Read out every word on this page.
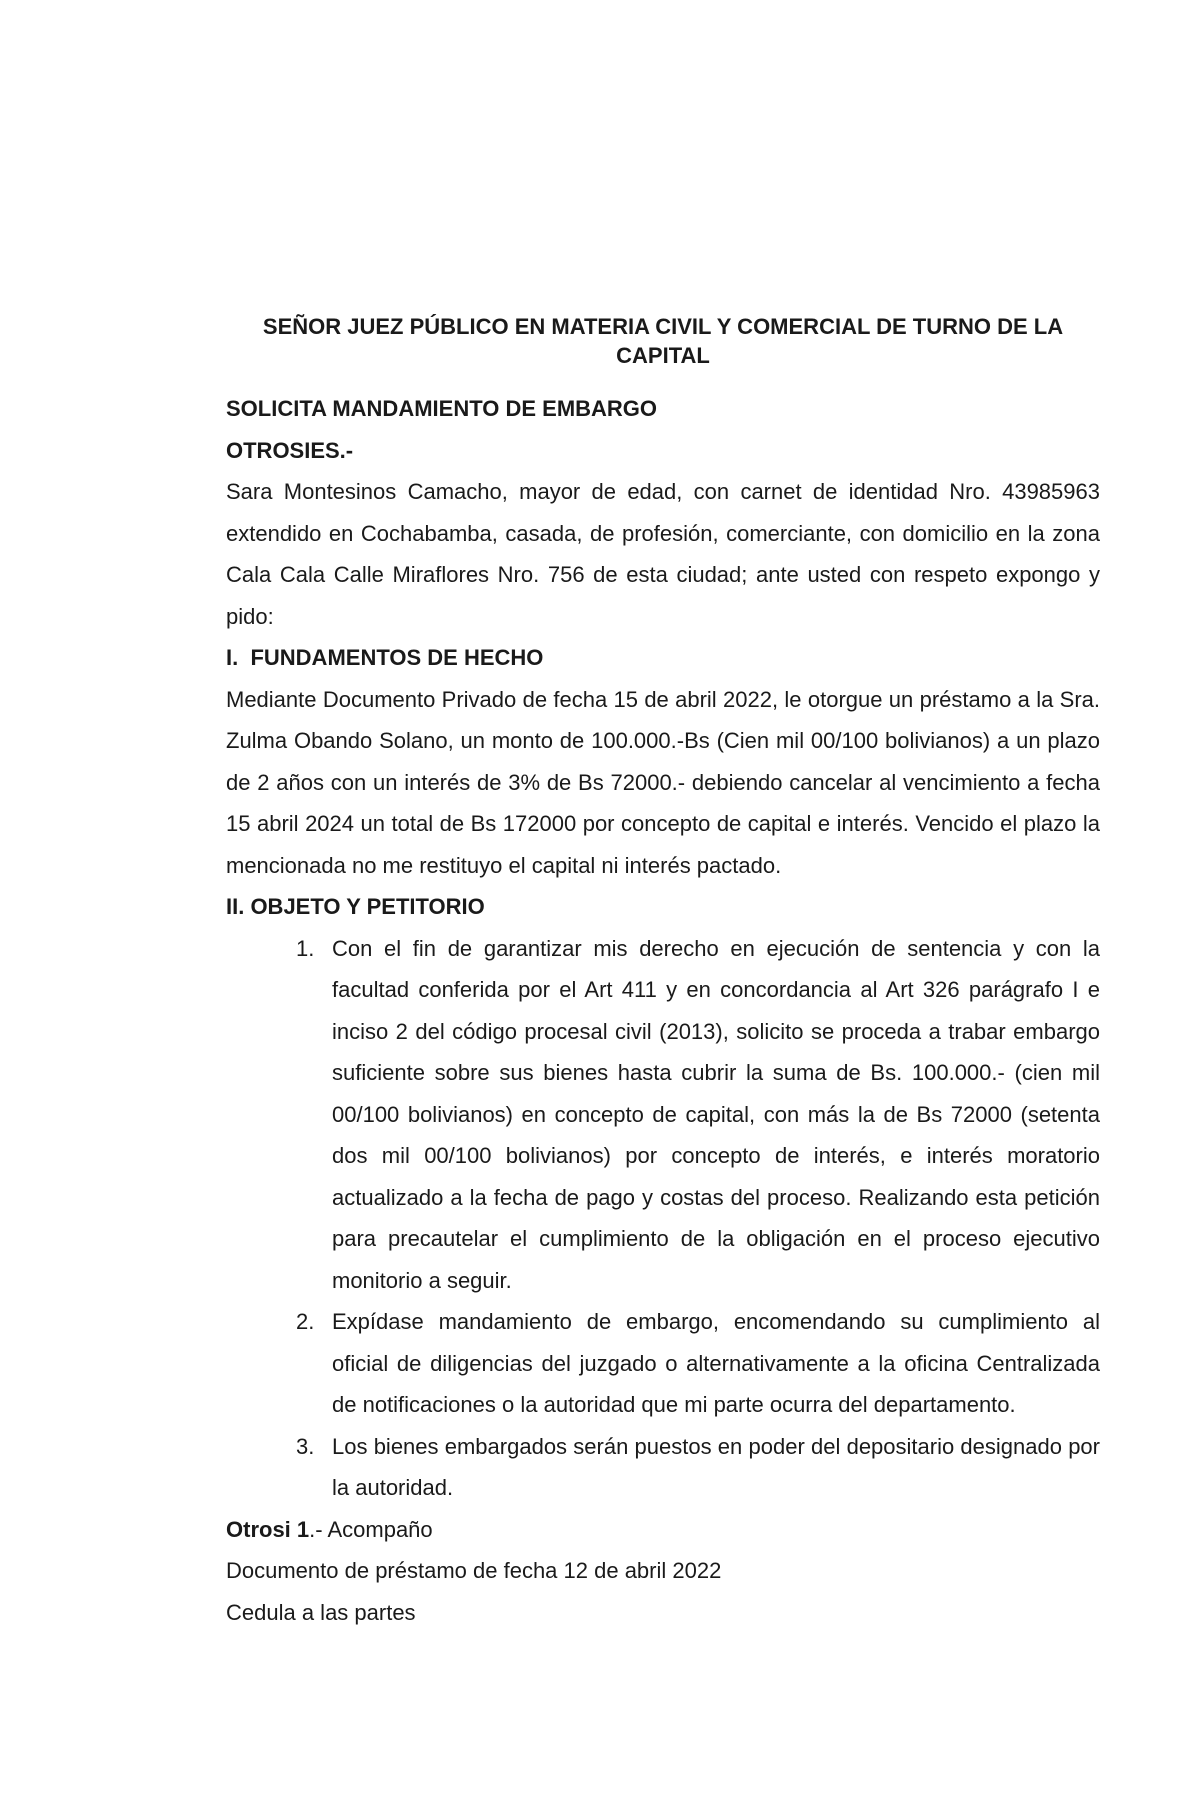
SEÑOR JUEZ PÚBLICO EN MATERIA CIVIL Y COMERCIAL DE TURNO DE LA CAPITAL

SOLICITA MANDAMIENTO DE EMBARGO

OTROSIES.-

Sara Montesinos Camacho, mayor de edad, con carnet de identidad Nro. 43985963 extendido en Cochabamba, casada, de profesión, comerciante, con domicilio en la zona Cala Cala Calle Miraflores Nro. 756 de esta ciudad; ante usted con respeto expongo y pido:

I.  FUNDAMENTOS DE HECHO

Mediante Documento Privado de fecha 15 de abril 2022, le otorgue un préstamo a la Sra. Zulma Obando Solano, un monto de 100.000.-Bs (Cien mil 00/100 bolivianos) a un plazo de 2 años con un interés de 3% de Bs 72000.- debiendo cancelar al vencimiento a fecha 15 abril 2024 un total de Bs 172000 por concepto de capital e interés. Vencido el plazo la mencionada no me restituyo el capital ni interés pactado.

II. OBJETO Y PETITORIO

1. Con el fin de garantizar mis derecho en ejecución de sentencia y con la facultad conferida por el Art 411 y en concordancia al Art 326 parágrafo I e inciso 2 del código procesal civil (2013), solicito se proceda a trabar embargo suficiente sobre sus bienes hasta cubrir la suma de Bs. 100.000.- (cien mil 00/100 bolivianos) en concepto de capital, con más la de Bs 72000 (setenta dos mil 00/100 bolivianos) por concepto de interés, e interés moratorio actualizado a la fecha de pago y costas del proceso. Realizando esta petición para precautelar el cumplimiento de la obligación en el proceso ejecutivo monitorio a seguir.
2. Expídase mandamiento de embargo, encomendando su cumplimiento al oficial de diligencias del juzgado o alternativamente a la oficina Centralizada de notificaciones o la autoridad que mi parte ocurra del departamento.
3. Los bienes embargados serán puestos en poder del depositario designado por la autoridad.

Otrosi 1.- Acompaño

Documento de préstamo de fecha 12 de abril 2022

Cedula a las partes
